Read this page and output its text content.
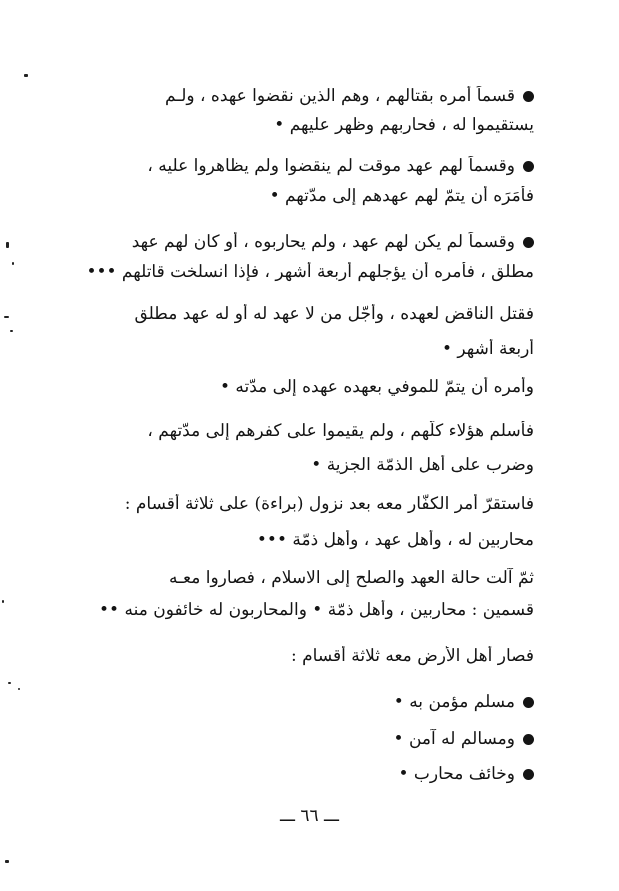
قسماً أمره بقتالهم ، وهم الذين نقضوا عهده ، ولـم
يستقيموا له ، فحاربهم وظهر عليهم •
وقسماً لهم عهد موقت لم ينقضوا ولم يظاهروا عليه ،
فأمَرَه أن يتمّ لهم عهدهم إلى مدّتهم •
وقسماً لم يكن لهم عهد ، ولم يحاربوه ، أو كان لهم عهد
مطلق ، فأمره أن يؤجلهم أربعة أشهر ، فإذا انسلخت قاتلهم •••
فقتل الناقض لعهده ، وأجّل من لا عهد له أو له عهد مطلق
أربعة أشهر •
وأمره أن يتمّ للموفي بعهده عهده إلى مدّته •
فأسلم هؤلاء كلّهم ، ولم يقيموا على كفرهم إلى مدّتهم ،
وضرب على أهل الذمّة الجزية •
فاستقرّ أمر الكفّار معه بعد نزول (براءة) على ثلاثة أقسام :
محاربين له ، وأهل عهد ، وأهل ذمّة •••
ثمّ آلت حالة العهد والصلح إلى الاسلام ، فصاروا معـه
قسمين : محاربين ، وأهل ذمّة • والمحاربون له خائفون منه ••
فصار أهل الأرض معه ثلاثة أقسام :
مسلم مؤمن به •
ومسالم له آمن •
وخائف محارب •
ـــ ٦٦ ـــ
